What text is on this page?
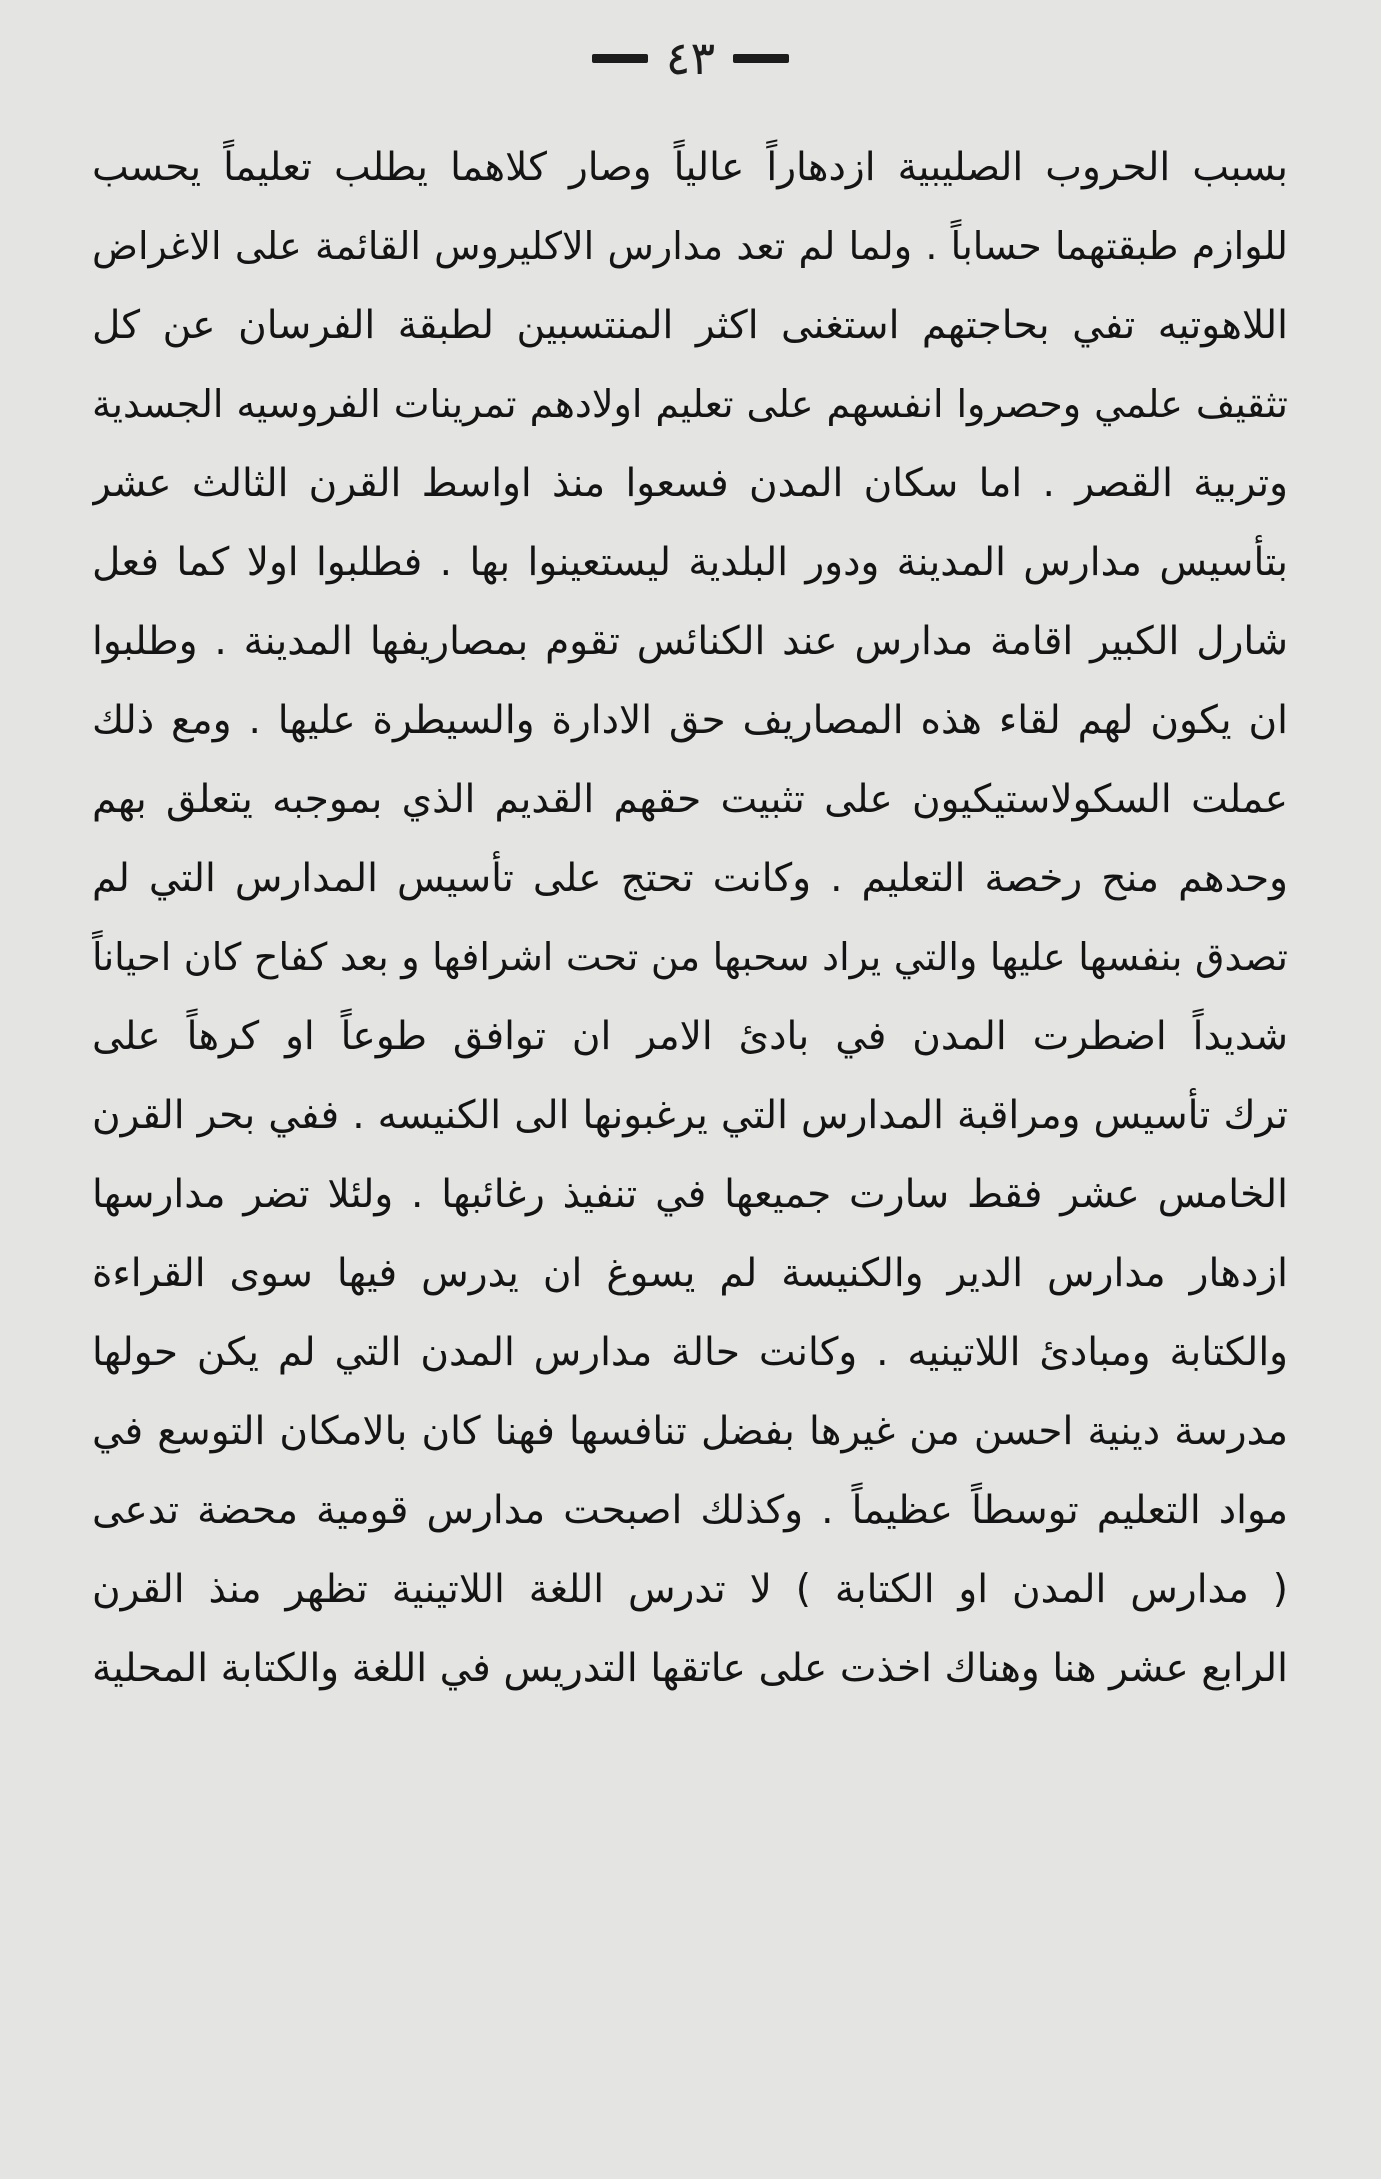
٤٣
بسبب الحروب الصليبية ازدهاراً عالياً وصار كلاهما يطلب تعليماً يحسب
للوازم طبقتهما حساباً . ولما لم تعد مدارس الاكليروس القائمة على الاغراض
اللاهوتيه تفي بحاجتهم استغنى اكثر المنتسبين لطبقة الفرسان عن كل
تثقيف علمي وحصروا انفسهم على تعليم اولادهم تمرينات الفروسيه الجسدية
وتربية القصر . اما سكان المدن فسعوا منذ اواسط القرن الثالث عشر
بتأسيس مدارس المدينة ودور البلدية ليستعينوا بها . فطلبوا اولا كما فعل
شارل الكبير اقامة مدارس عند الكنائس تقوم بمصاريفها المدينة . وطلبوا
ان يكون لهم لقاء هذه المصاريف حق الادارة والسيطرة عليها . ومع ذلك
عملت السكولاستيكيون على تثبيت حقهم القديم الذي بموجبه يتعلق بهم
وحدهم منح رخصة التعليم . وكانت تحتج على تأسيس المدارس التي لم
تصدق بنفسها عليها والتي يراد سحبها من تحت اشرافها و بعد كفاح كان احياناً
شديداً اضطرت المدن في بادئ الامر ان توافق طوعاً او كرهاً على
ترك تأسيس ومراقبة المدارس التي يرغبونها الى الكنيسه . ففي بحر القرن
الخامس عشر فقط سارت جميعها في تنفيذ رغائبها . ولئلا تضر مدارسها
ازدهار مدارس الدير والكنيسة لم يسوغ ان يدرس فيها سوى القراءة
والكتابة ومبادئ اللاتينيه . وكانت حالة مدارس المدن التي لم يكن حولها
مدرسة دينية احسن من غيرها بفضل تنافسها فهنا كان بالامكان التوسع في
مواد التعليم توسطاً عظيماً . وكذلك اصبحت مدارس قومية محضة تدعى
( مدارس المدن او الكتابة ) لا تدرس اللغة اللاتينية تظهر منذ القرن
الرابع عشر هنا وهناك اخذت على عاتقها التدريس في اللغة والكتابة المحلية
